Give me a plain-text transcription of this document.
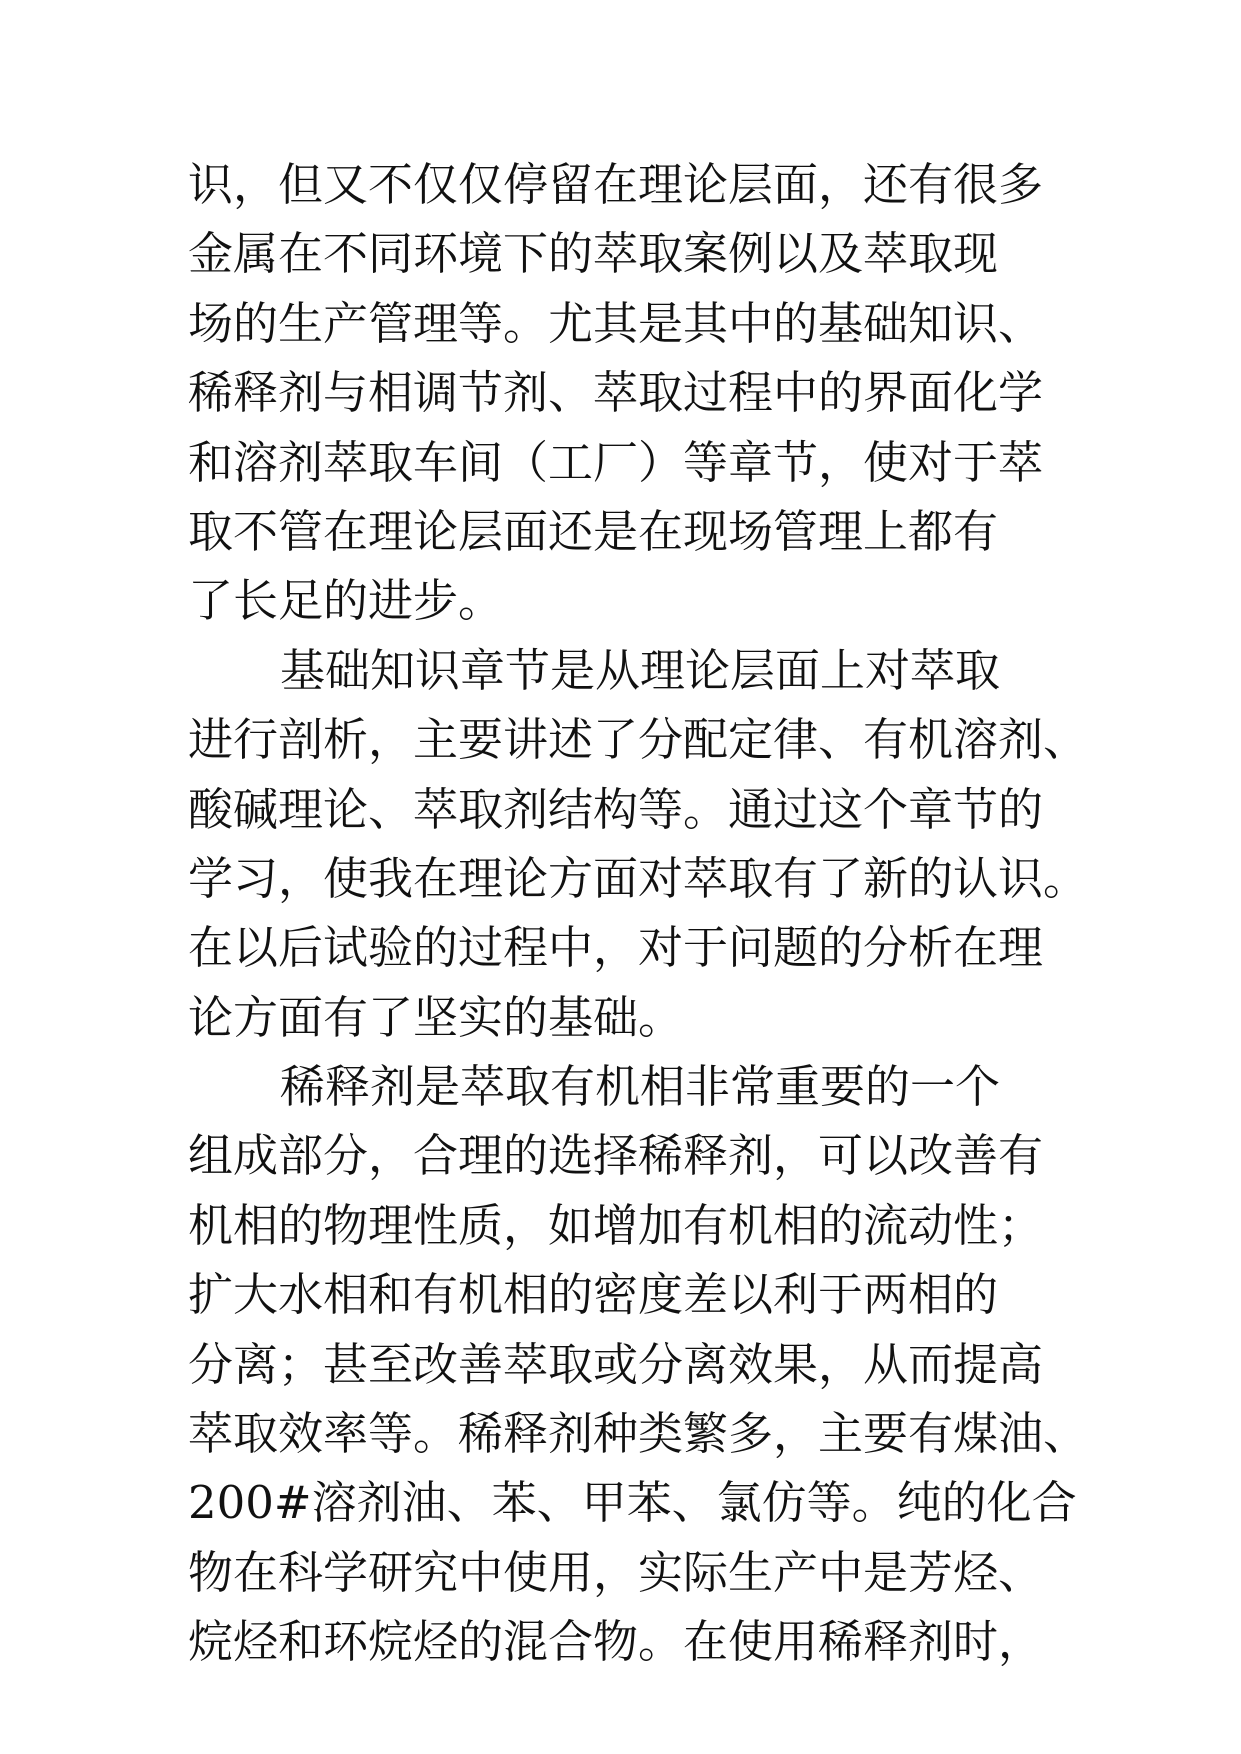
识，但又不仅仅停留在理论层面，还有很多
金属在不同环境下的萃取案例以及萃取现
场的生产管理等。尤其是其中的基础知识、
稀释剂与相调节剂、萃取过程中的界面化学
和溶剂萃取车间（工厂）等章节，使对于萃
取不管在理论层面还是在现场管理上都有
了长足的进步。
基础知识章节是从理论层面上对萃取
进行剖析，主要讲述了分配定律、有机溶剂、
酸碱理论、萃取剂结构等。通过这个章节的
学习，使我在理论方面对萃取有了新的认识。
在以后试验的过程中，对于问题的分析在理
论方面有了坚实的基础。
稀释剂是萃取有机相非常重要的一个
组成部分，合理的选择稀释剂，可以改善有
机相的物理性质，如增加有机相的流动性；
扩大水相和有机相的密度差以利于两相的
分离；甚至改善萃取或分离效果，从而提高
萃取效率等。稀释剂种类繁多，主要有煤油、
200#溶剂油、苯、甲苯、氯仿等。纯的化合
物在科学研究中使用，实际生产中是芳烃、
烷烃和环烷烃的混合物。在使用稀释剂时，
